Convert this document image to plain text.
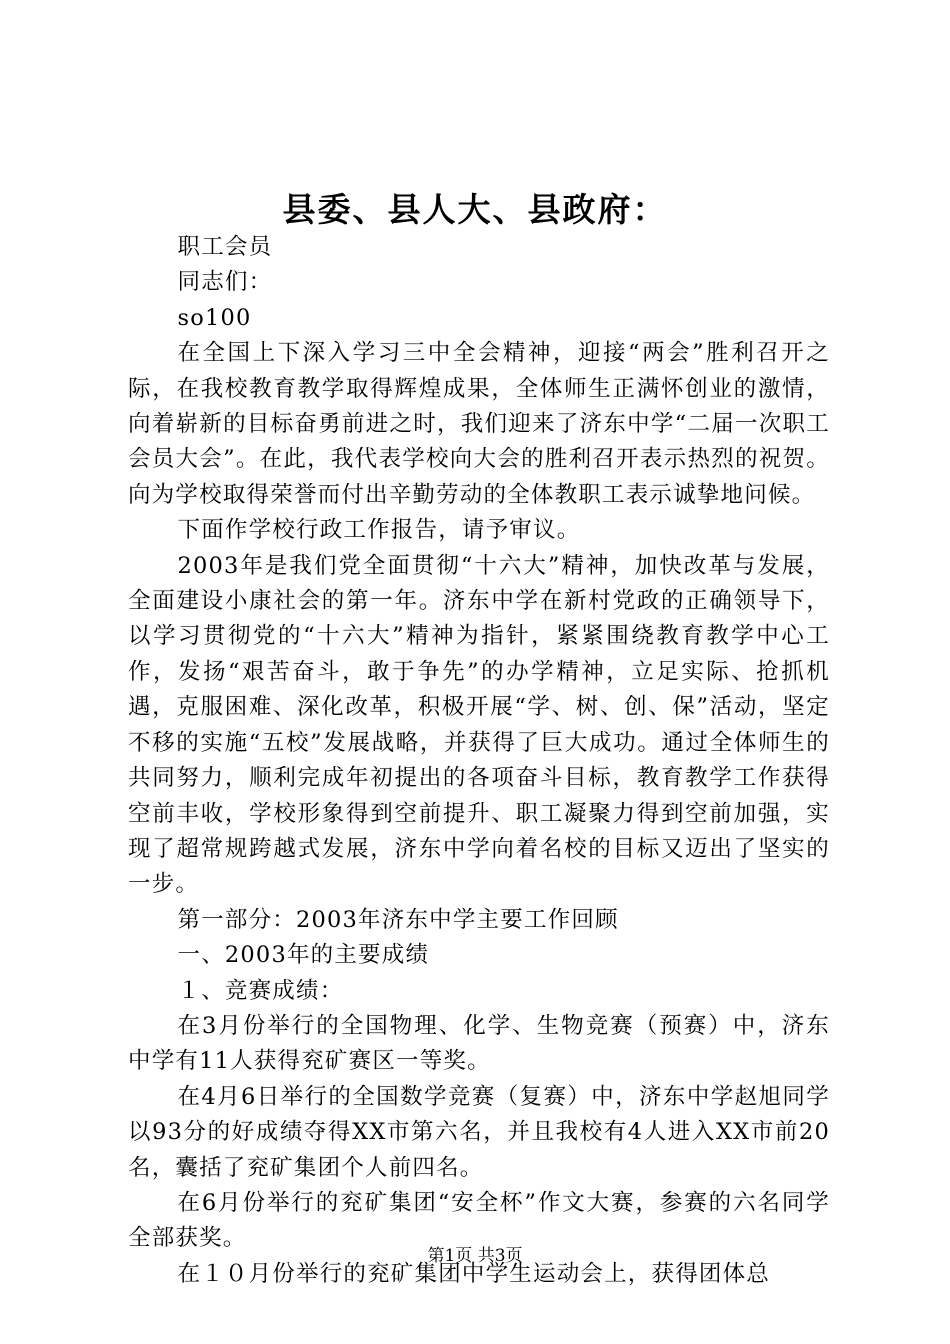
县委、县人大、县政府：

职工会员

同志们：

so100

在全国上下深入学习三中全会精神，迎接“两会”胜利召开之际，在我校教育教学取得辉煌成果，全体师生正满怀创业的激情，向着崭新的目标奋勇前进之时，我们迎来了济东中学“二届一次职工会员大会”。在此，我代表学校向大会的胜利召开表示热烈的祝贺。向为学校取得荣誉而付出辛勤劳动的全体教职工表示诚挚地问候。

下面作学校行政工作报告，请予审议。

2003年是我们党全面贯彻“十六大”精神，加快改革与发展，全面建设小康社会的第一年。济东中学在新村党政的正确领导下，以学习贯彻党的“十六大”精神为指针，紧紧围绕教育教学中心工作，发扬“艰苦奋斗，敢于争先”的办学精神，立足实际、抢抓机遇，克服困难、深化改革，积极开展“学、树、创、保”活动，坚定不移的实施“五校”发展战略，并获得了巨大成功。通过全体师生的共同努力，顺利完成年初提出的各项奋斗目标，教育教学工作获得空前丰收，学校形象得到空前提升、职工凝聚力得到空前加强，实现了超常规跨越式发展，济东中学向着名校的目标又迈出了坚实的一步。

第一部分：2003年济东中学主要工作回顾

一、2003年的主要成绩

１、竞赛成绩：

在3月份举行的全国物理、化学、生物竞赛（预赛）中，济东中学有11人获得兖矿赛区一等奖。

在4月6日举行的全国数学竞赛（复赛）中，济东中学赵旭同学以93分的好成绩夺得XX市第六名，并且我校有4人进入XX市前20名，囊括了兖矿集团个人前四名。

在6月份举行的兖矿集团“安全杯”作文大赛，参赛的六名同学全部获奖。

在１０月份举行的兖矿集团中学生运动会上，获得团体总

第1页 共3页
